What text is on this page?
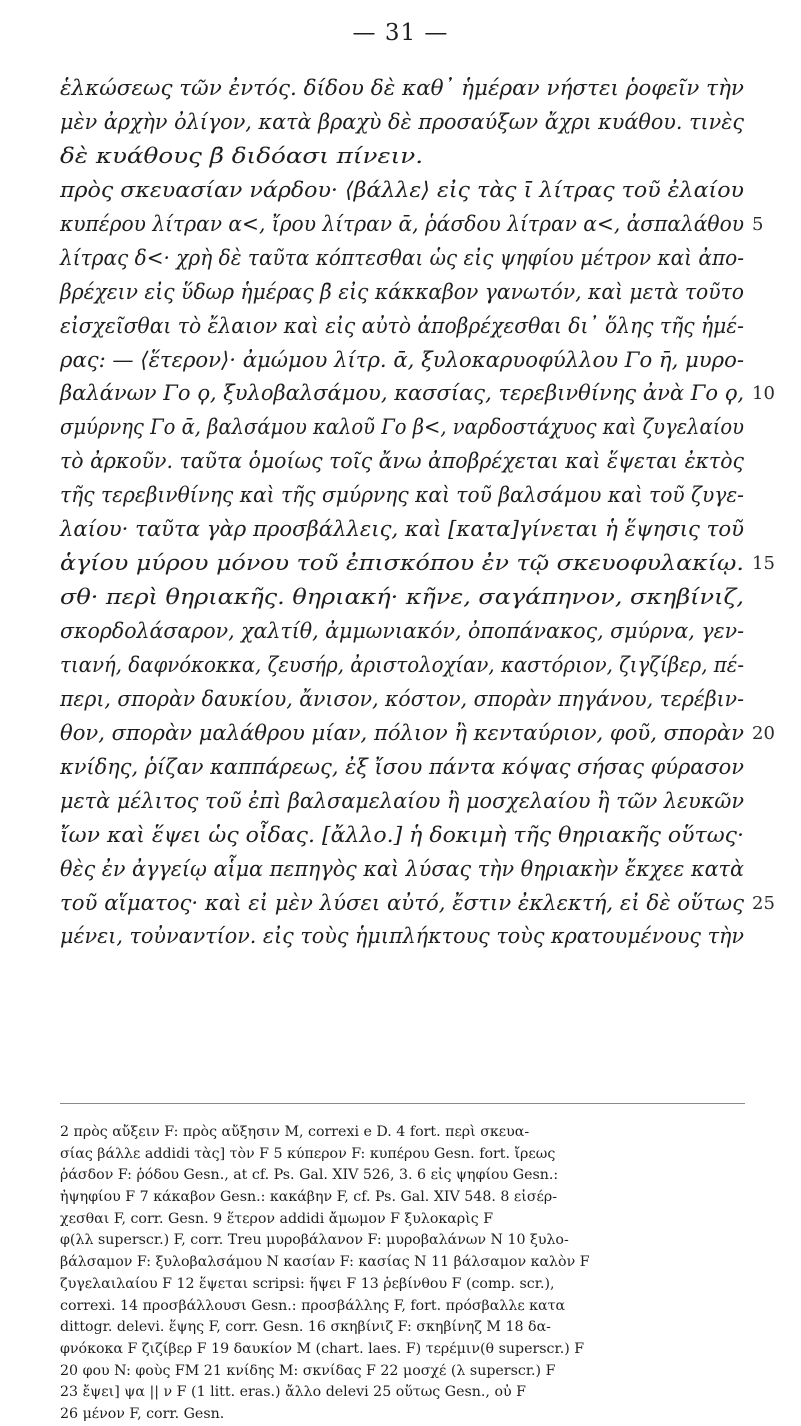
— 31 —
ἑλκώσεως τῶν ἐντός. δίδου δὲ καθ᾿ ἡμέραν νήστει ῥοφεῖν τὴν
μὲν ἀρχὴν ὀλίγον, κατὰ βραχὺ δὲ προσαύξων ἄχρι κυάθου. τινὲς
δὲ κυάθους β̄ διδόασι πίνειν.
πρὸς σκευασίαν νάρδου· ⟨βάλλε⟩ εἰς τὰς ῑ λίτρας τοῦ ἐλαίου
κυπέρου λίτραν α<, ἴρου λίτραν ᾱ, ῥάσδου λίτραν α<, ἀσπαλάθου 5
λίτρας δ<· χρὴ δὲ ταῦτα κόπτεσθαι ὡς εἰς ψηφίου μέτρον καὶ ἀπο-
βρέχειν εἰς ὕδωρ ἡμέρας β̄ εἰς κάκκαβον γανωτόν, καὶ μετὰ τοῦτο
εἰσχεῖσθαι τὸ ἔλαιον καὶ εἰς αὐτὸ ἀποβρέχεσθαι δι᾿ ὅλης τῆς ἡμέ-
ρας: — ⟨ἕτερον⟩· ἀμώμου λίτρ. ᾱ, ξυλοκαρυοφύλλου Γο η̄, μυρο-
βαλάνων Γο ϙ, ξυλοβαλσάμου, κασσίας, τερεβινθίνης ἀνὰ Γο ϙ, 10
σμύρνης Γο ᾱ, βαλσάμου καλοῦ Γο β<, ναρδοστάχυος καὶ ζυγελαίου
τὸ ἀρκοῦν. ταῦτα ὁμοίως τοῖς ἄνω ἀποβρέχεται καὶ ἕψεται ἐκτὸς
τῆς τερεβινθίνης καὶ τῆς σμύρνης καὶ τοῦ βαλσάμου καὶ τοῦ ζυγε-
λαίου· ταῦτα γὰρ προσβάλλεις, καὶ [κατα]γίνεται ἡ ἕψησις τοῦ
ἁγίου μύρου μόνου τοῦ ἐπισκόπου ἐν τῷ σκευοφυλακίῳ. 15
σθ· περὶ θηριακῆς. θηριακή· κῆνε, σαγάπηνον, σκηβίνιζ,
σκορδολάσαρον, χαλτίθ, ἀμμωνιακόν, ὀποπάνακος, σμύρνα, γεν-
τιανή, δαφνόκοκκα, ζευσήρ, ἀριστολοχίαν, καστόριον, ζιγζίβερ, πέ-
περι, σπορὰν δαυκίου, ἄνισον, κόστον, σπορὰν πηγάνου, τερέβιν-
θον, σπορὰν μαλάθρου μίαν, πόλιον ἢ κενταύριον, φοῦ, σπορὰν 20
κνίδης, ῥίζαν καππάρεως, ἐξ ἴσου πάντα κόψας σήσας φύρασον
μετὰ μέλιτος τοῦ ἐπὶ βαλσαμελαίου ἢ μοσχελαίου ἢ τῶν λευκῶν
ἴων καὶ ἕψει ὡς οἶδας. [ἄλλο.] ἡ δοκιμὴ τῆς θηριακῆς οὕτως·
θὲς ἐν ἀγγείῳ αἷμα πεπηγὸς καὶ λύσας τὴν θηριακὴν ἔκχεε κατὰ
τοῦ αἵματος· καὶ εἰ μὲν λύσει αὐτό, ἔστιν ἐκλεκτή, εἰ δὲ οὕτως 25
μένει, τοὐναντίον. εἰς τοὺς ἡμιπλήκτους τοὺς κρατουμένους τὴν
2 πρὸς αὔξειν F: πρὸς αὔξησιν M, correxi e D. 4 fort. περὶ σκευα-
σίας βάλλε addidi τὰς] τὸν F 5 κύπερον F: κυπέρου Gesn. fort. ἴρεως
ῥάσδον F: ῥόδου Gesn., at cf. Ps. Gal. XIV 526, 3. 6 εἰς ψηφίου Gesn.:
ἠψηφίου F 7 κάκαβον Gesn.: κακάβην F, cf. Ps. Gal. XIV 548. 8 εἰσέρ-
χεσθαι F, corr. Gesn. 9 ἕτερον addidi ἄμωμον F ξυλοκαρὶς F
φ(λλ superscr.) F, corr. Treu μυροβάλανον F: μυροβαλάνων N 10 ξυλο-
βάλσαμον F: ξυλοβαλσάμου N κασίαν F: κασίας N 11 βάλσαμον καλὸν F
ζυγελαιλαίου F 12 ἕψεται scripsi: ἥψει F 13 ῥεβίνθου F (comp. scr.),
correxi. 14 προσβάλλουσι Gesn.: προσβάλλης F, fort. πρόσβαλλε κατα
dittogr. delevi. ἕψης F, corr. Gesn. 16 σκηβίνιζ F: σκηβίνηζ M 18 δα-
φνόκοκα F ζιζίβερ F 19 δαυκίον M (chart. laes. F) τερέμιν(θ superscr.) F
20 φου N: φοὺς FM 21 κνίδης M: σκνίδας F 22 μοσχέ (λ superscr.) F
23 ἔψει] ψα || ν F (1 litt. eras.) ἄλλο delevi 25 οὕτως Gesn., οὐ F
26 μένον F, corr. Gesn.
